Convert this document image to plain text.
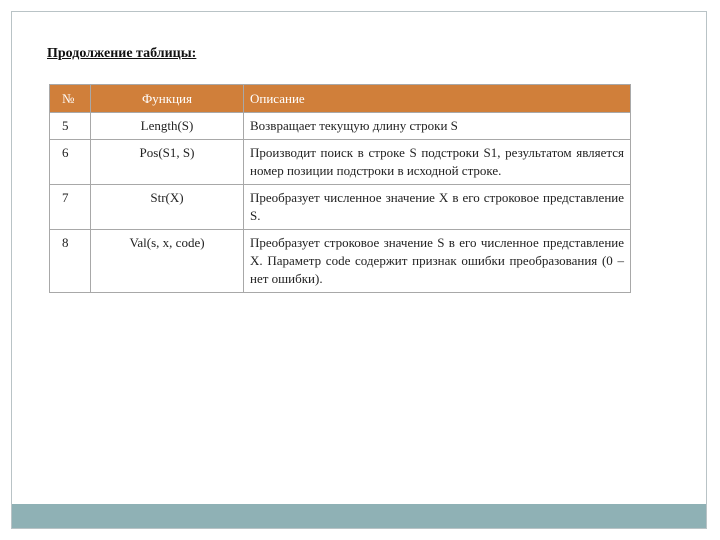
Продолжение таблицы:
№	Функция	Описание
5	Length(S)	Возвращает текущую длину строки S
6	Pos(S1, S)	Производит поиск в строке S подстроки S1, результатом является номер позиции подстроки в исходной строке.
7	Str(X)	Преобразует численное значение X в его строковое представление S.
8	Val(s, x, code)	Преобразует строковое значение S в его численное представление X. Параметр code содержит признак ошибки преобразования (0 – нет ошибки).
